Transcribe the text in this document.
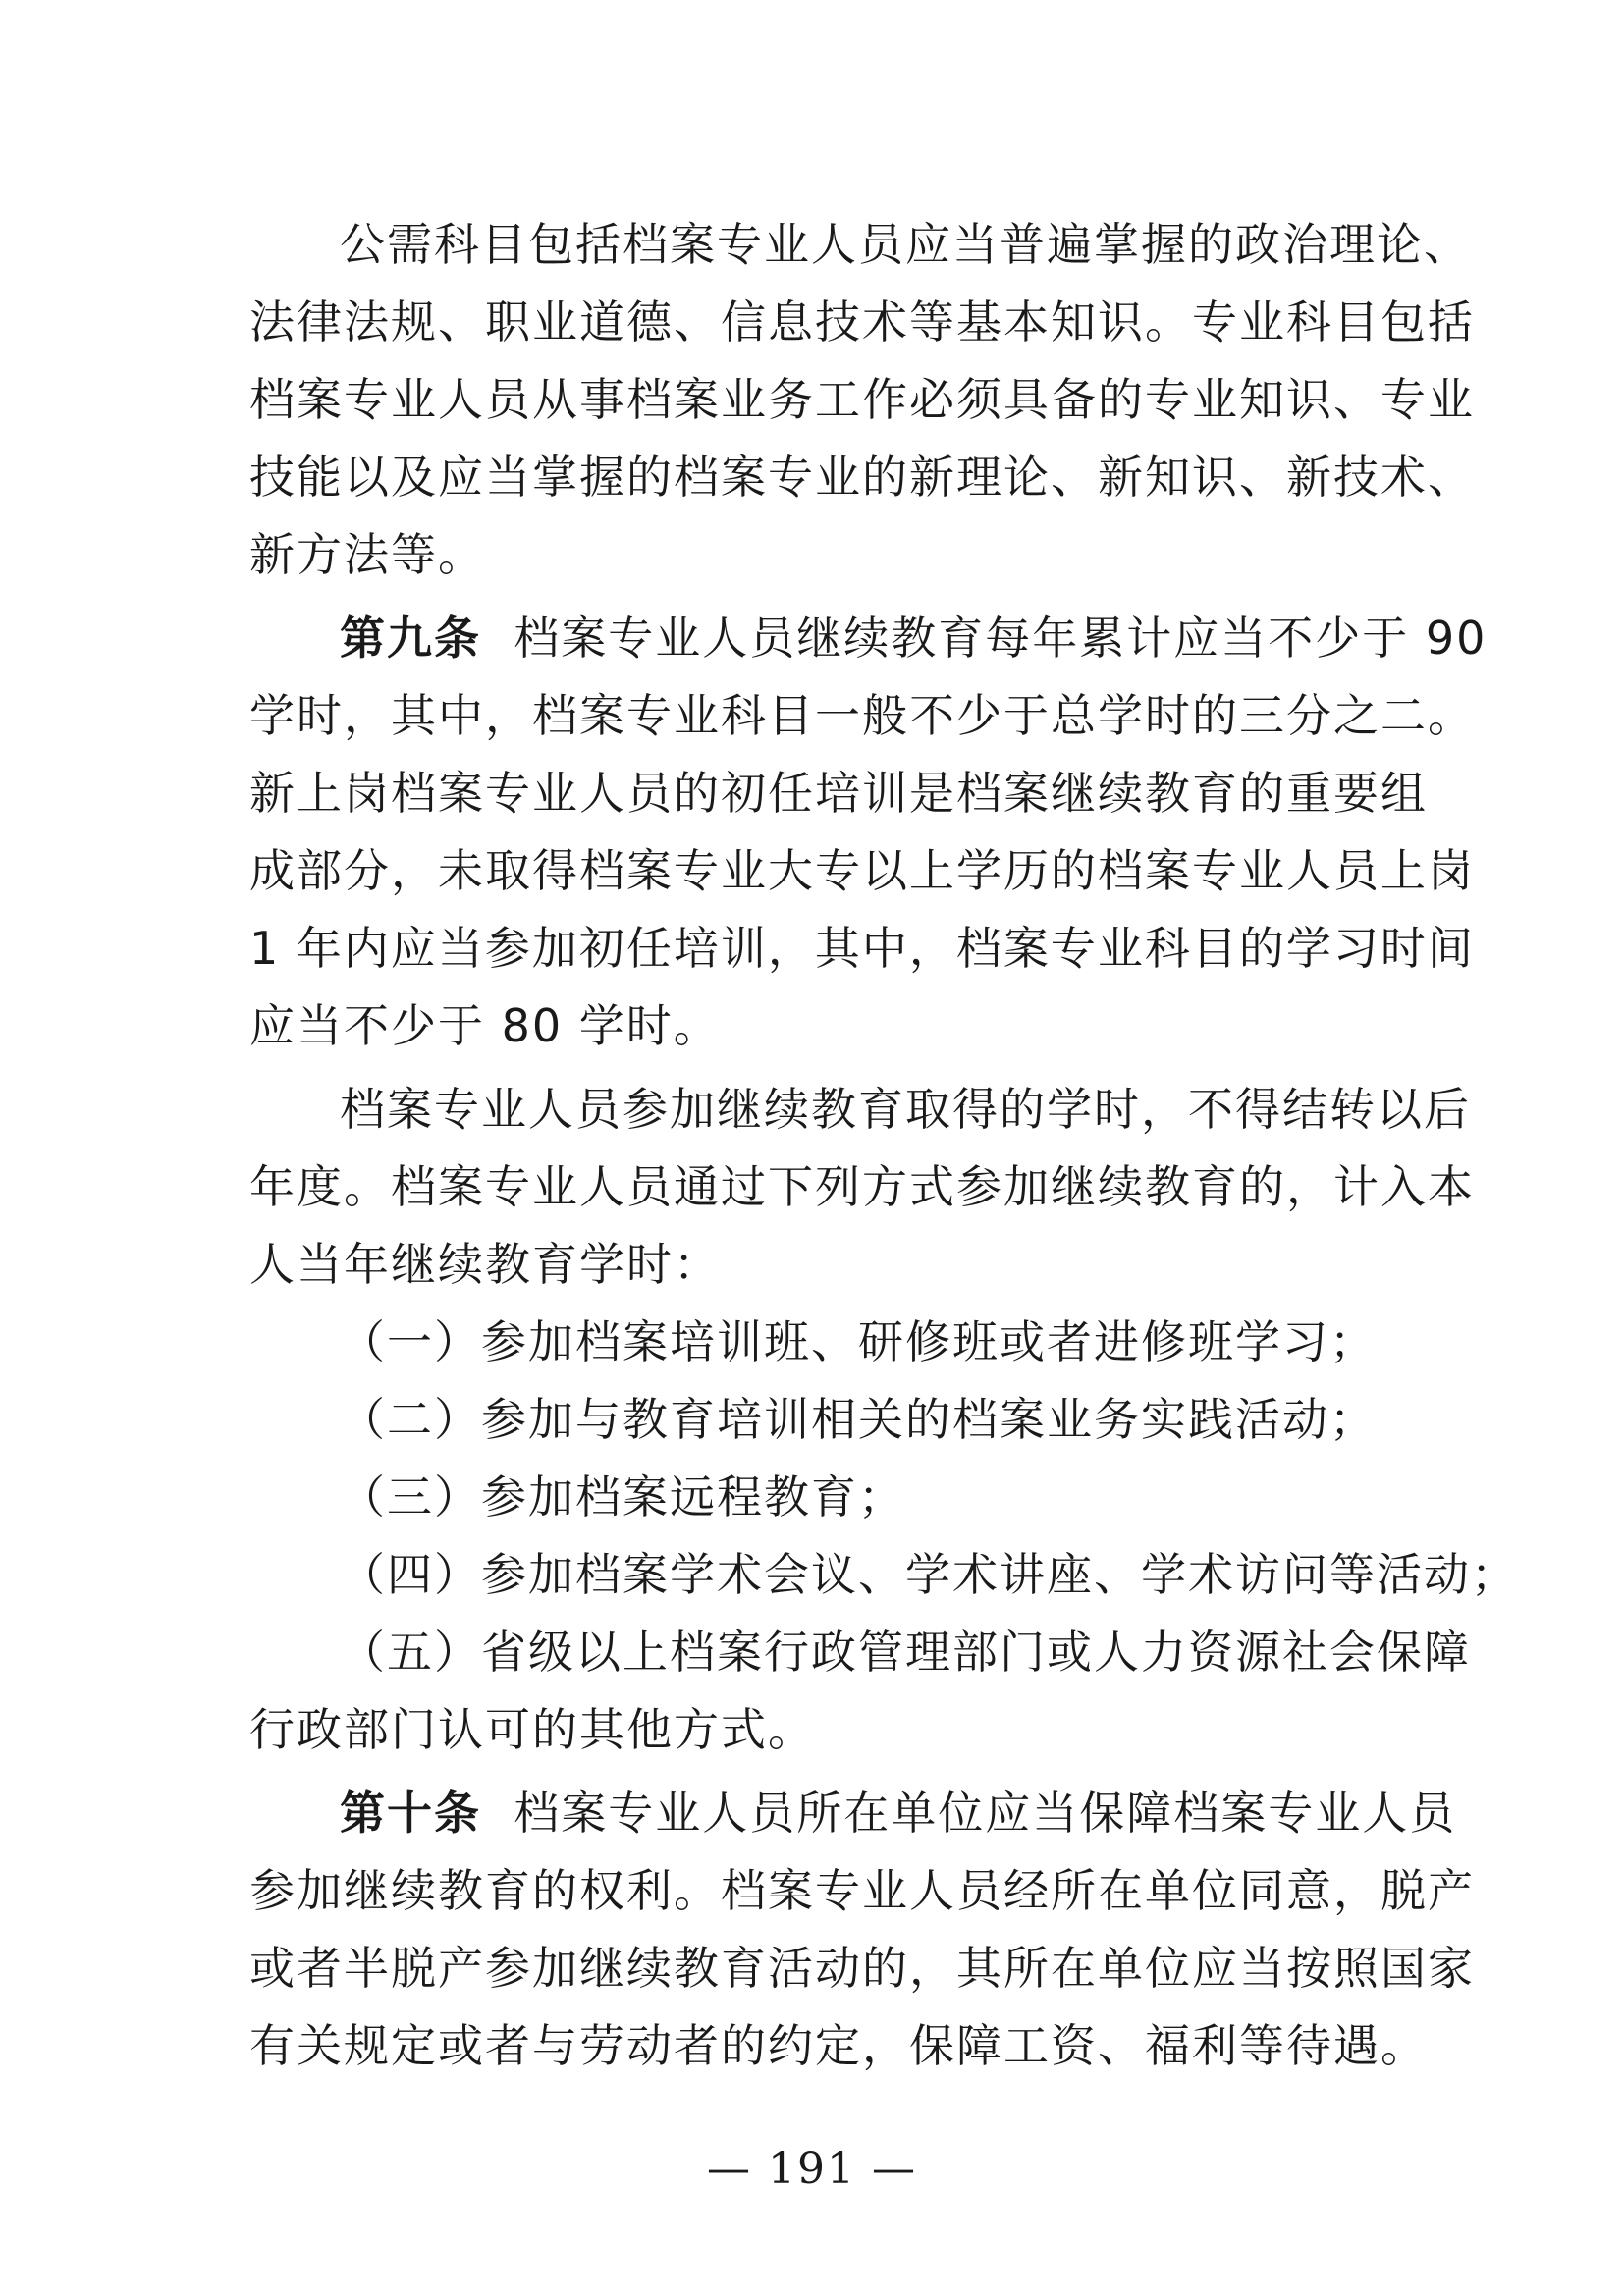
公需科目包括档案专业人员应当普遍掌握的政治理论、
法律法规、职业道德、信息技术等基本知识。专业科目包括
档案专业人员从事档案业务工作必须具备的专业知识、专业
技能以及应当掌握的档案专业的新理论、新知识、新技术、
新方法等。
第九条 档案专业人员继续教育每年累计应当不少于 90
学时，其中，档案专业科目一般不少于总学时的三分之二。
新上岗档案专业人员的初任培训是档案继续教育的重要组
成部分，未取得档案专业大专以上学历的档案专业人员上岗
1 年内应当参加初任培训，其中，档案专业科目的学习时间
应当不少于 80 学时。
档案专业人员参加继续教育取得的学时，不得结转以后
年度。档案专业人员通过下列方式参加继续教育的，计入本
人当年继续教育学时：
（一）参加档案培训班、研修班或者进修班学习；
（二）参加与教育培训相关的档案业务实践活动；
（三）参加档案远程教育；
（四）参加档案学术会议、学术讲座、学术访问等活动；
（五）省级以上档案行政管理部门或人力资源社会保障
行政部门认可的其他方式。
第十条 档案专业人员所在单位应当保障档案专业人员
参加继续教育的权利。档案专业人员经所在单位同意，脱产
或者半脱产参加继续教育活动的，其所在单位应当按照国家
有关规定或者与劳动者的约定，保障工资、福利等待遇。
— 191 —
